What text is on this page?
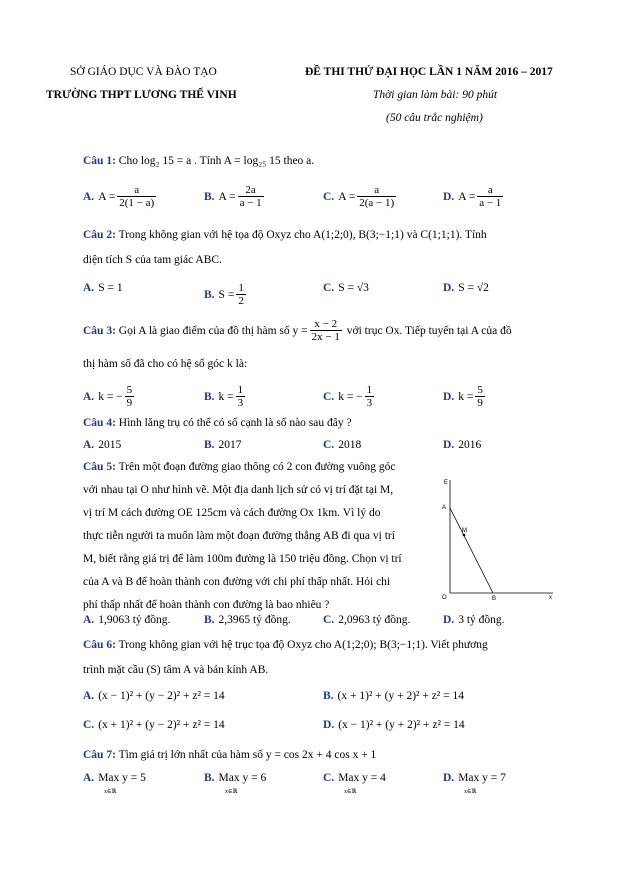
SỞ GIÁO DỤC VÀ ĐÀO TẠO
TRƯỜNG THPT LƯƠNG THẾ VINH
ĐỀ THI THỬ ĐẠI HỌC LẦN 1 NĂM 2016 – 2017
Thời gian làm bài: 90 phút
(50 câu trắc nghiệm)
Câu 1: Cho log₂ 15 = a . Tính A = log₂₅ 15 theo a.
A. $A = \frac{a}{2(1 - a)}$	B. $A = \frac{2a}{a - 1}$	C. $A = \frac{a}{2(a - 1)}$	D. $A = \frac{a}{a - 1}$
Câu 2: Trong không gian với hệ tọa độ Oxyz cho A(1;2;0), B(3;−1;1) và C(1;1;1). Tính
diện tích S của tam giác ABC.
A. S = 1
B. $S = \frac{1}{2}$	C. S = √3	D. S = √2
Câu 3:
Gọi A là giao điểm của đồ thị hàm số
$y = \frac{x - 2}{2x - 1}$
với trục Ox. Tiếp tuyến tại A của đồ
thị hàm số đã cho có hệ số góc k là:
A. k = − $\frac{5}{9}$	B. $k = \frac{1}{3}$	C. k = − $\frac{1}{3}$	D. $k = \frac{5}{9}$
Câu 4: Hình lăng trụ có thể có số cạnh là số nào sau đây ?
A. 2015	B. 2017	C. 2018	D. 2016
Câu 5: Trên một đoạn đường giao thông có 2 con đường vuông góc
với nhau tại O như hình vẽ. Một địa danh lịch sử có vị trí đặt tại M,
vị trí M cách đường OE 125cm và cách đường Ox 1km. Vì lý do
thực tiễn người ta muốn làm một đoạn đường thẳng AB đi qua vị trí
M, biết rằng giá trị để làm 100m đường là 150 triệu đồng. Chọn vị trí
của A và B để hoàn thành con đường với chi phí thấp nhất. Hỏi chi
phí thấp nhất để hoàn thành con đường là bao nhiêu ?
E
A
M
O	B	x
A. 1,9063 tỷ đồng.	B. 2,3965 tỷ đồng.	C. 2,0963 tỷ đồng.	D. 3 tỷ đồng.
Câu 6: Trong không gian với hệ trục tọa độ Oxyz cho A(1;2;0); B(3;−1;1). Viết phương
trình mặt cầu (S) tâm A và bán kính AB.
A. (x − 1)² + (y − 2)² + z² = 14	B. (x + 1)² + (y + 2)² + z² = 14
C. (x + 1)² + (y − 2)² + z² = 14	D. (x − 1)² + (y + 2)² + z² = 14
Câu 7: Tìm giá trị lớn nhất của hàm số y = cos 2x + 4 cos x + 1
A. Max y = 5	B. Max y = 6	C. Max y = 4	D. Max y = 7
x∈ℝ	x∈ℝ	x∈ℝ	x∈ℝ
